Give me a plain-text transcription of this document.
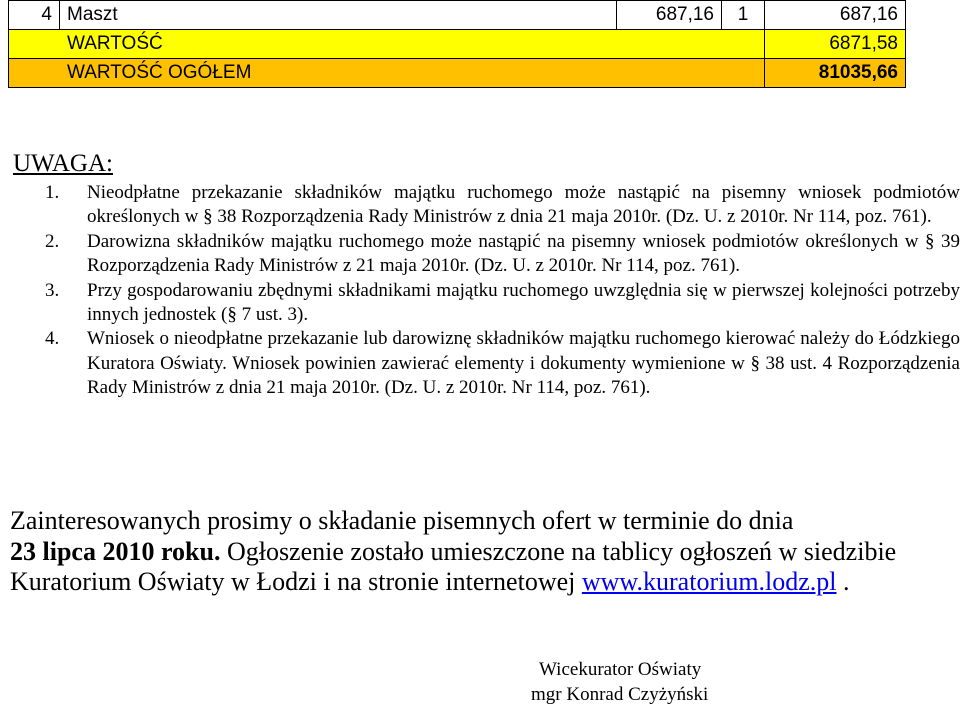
4	Maszt	687,16	1	687,16
WARTOŚĆ				6871,58
WARTOŚĆ OGÓŁEM				81035,66
UWAGA:
1. Nieodpłatne przekazanie składników majątku ruchomego może nastąpić na pisemny wniosek podmiotów określonych w § 38 Rozporządzenia Rady Ministrów z dnia 21 maja 2010r. (Dz. U. z 2010r. Nr 114, poz. 761).
2. Darowizna składników majątku ruchomego może nastąpić na pisemny wniosek podmiotów określonych w § 39 Rozporządzenia Rady Ministrów z 21 maja 2010r. (Dz. U. z 2010r. Nr 114, poz. 761).
3. Przy gospodarowaniu zbędnymi składnikami majątku ruchomego uwzględnia się w pierwszej kolejności potrzeby innych jednostek (§ 7 ust. 3).
4. Wniosek o nieodpłatne przekazanie lub darowiznę składników majątku ruchomego kierować należy do Łódzkiego Kuratora Oświaty. Wniosek powinien zawierać elementy i dokumenty wymienione w § 38 ust. 4 Rozporządzenia Rady Ministrów z dnia 21 maja 2010r. (Dz. U. z 2010r. Nr 114, poz. 761).
Zainteresowanych prosimy o składanie pisemnych ofert w terminie do dnia
23 lipca 2010 roku. Ogłoszenie zostało umieszczone na tablicy ogłoszeń w siedzibie
Kuratorium Oświaty w Łodzi i na stronie internetowej www.kuratorium.lodz.pl .
Wicekurator Oświaty
mgr Konrad Czyżyński
